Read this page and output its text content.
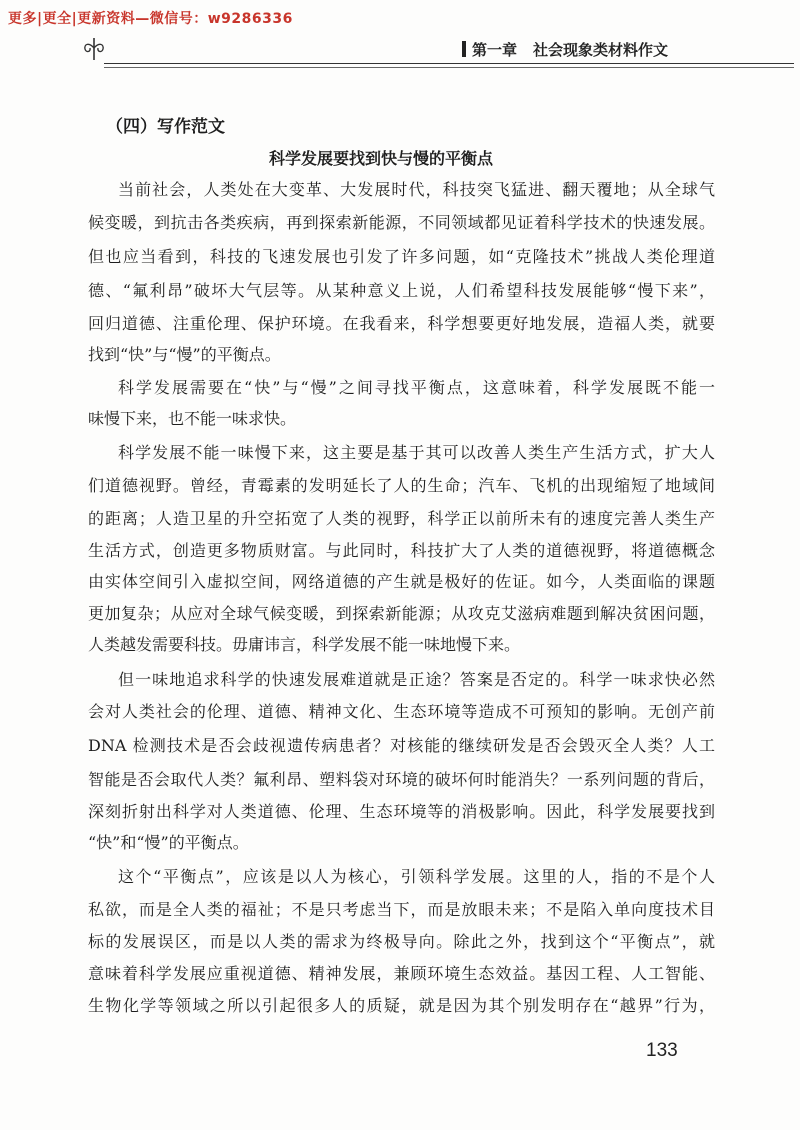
更多|更全|更新资料—微信号：w9286336
第一章 社会现象类材料作文
（四）写作范文
科学发展要找到快与慢的平衡点
当前社会，人类处在大变革、大发展时代，科技突飞猛进、翻天覆地；从全球气
候变暖，到抗击各类疾病，再到探索新能源，不同领域都见证着科学技术的快速发展。
但也应当看到，科技的飞速发展也引发了许多问题，如“克隆技术”挑战人类伦理道
德、“氟利昂”破坏大气层等。从某种意义上说，人们希望科技发展能够“慢下来”，
回归道德、注重伦理、保护环境。在我看来，科学想要更好地发展，造福人类，就要
找到“快”与“慢”的平衡点。
科学发展需要在“快”与“慢”之间寻找平衡点，这意味着，科学发展既不能一
味慢下来，也不能一味求快。
科学发展不能一味慢下来，这主要是基于其可以改善人类生产生活方式，扩大人
们道德视野。曾经，青霉素的发明延长了人的生命；汽车、飞机的出现缩短了地域间
的距离；人造卫星的升空拓宽了人类的视野，科学正以前所未有的速度完善人类生产
生活方式，创造更多物质财富。与此同时，科技扩大了人类的道德视野，将道德概念
由实体空间引入虚拟空间，网络道德的产生就是极好的佐证。如今，人类面临的课题
更加复杂；从应对全球气候变暖，到探索新能源；从攻克艾滋病难题到解决贫困问题，
人类越发需要科技。毋庸讳言，科学发展不能一味地慢下来。
但一味地追求科学的快速发展难道就是正途？答案是否定的。科学一味求快必然
会对人类社会的伦理、道德、精神文化、生态环境等造成不可预知的影响。无创产前
DNA 检测技术是否会歧视遗传病患者？对核能的继续研发是否会毁灭全人类？人工
智能是否会取代人类？氟利昂、塑料袋对环境的破坏何时能消失？一系列问题的背后，
深刻折射出科学对人类道德、伦理、生态环境等的消极影响。因此，科学发展要找到
“快”和“慢”的平衡点。
这个“平衡点”，应该是以人为核心，引领科学发展。这里的人，指的不是个人
私欲，而是全人类的福祉；不是只考虑当下，而是放眼未来；不是陷入单向度技术目
标的发展误区，而是以人类的需求为终极导向。除此之外，找到这个“平衡点”，就
意味着科学发展应重视道德、精神发展，兼顾环境生态效益。基因工程、人工智能、
生物化学等领域之所以引起很多人的质疑，就是因为其个别发明存在“越界”行为，
133
